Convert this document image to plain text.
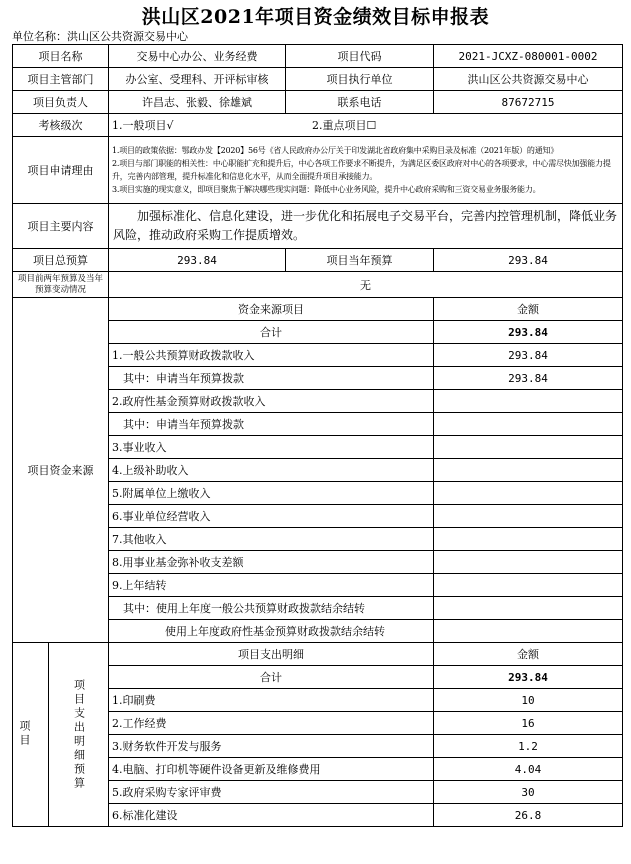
洪山区2021年项目资金绩效目标申报表
单位名称：洪山区公共资源交易中心
项目名称		交易中心办公、业务经费	项目代码	2021-JCXZ-080001-0002
项目主管部门		办公室、受理科、开评标审核	项目执行单位	洪山区公共资源交易中心
项目负责人		许昌志、张毅、徐雄斌	联系电话	87672715
考核级次		1.一般项目√ 2.重点项目☐		
项目申请理由		1.项目的政策依据：鄂政办发【2020】56号《省人民政府办公厅关于印发湖北省政府集中采购目录及标准（2021年版）的通知》

2.项目与部门职能的相关性：中心职能扩充和提升后，中心各项工作要求不断提升，为满足区委区政府对中心的各项要求，中心需尽快加强能力提升，完善内部管理，提升标准化和信息化水平，从而全面提升项目承接能力。

3.项目实施的现实意义，即项目聚焦于解决哪些现实问题：降低中心业务风险，提升中心政府采购和三资交易业务服务能力。		

项目主要内容		加强标准化、信息化建设，进一步优化和拓展电子交易平台，完善内控管理机制，降低业务风险，推动政府采购工作提质增效。		
项目总预算		293.84	项目当年预算	293.84
项目前两年预算及当年预算变动情况		无		
项目资金来源		资金来源项目		金额
		合计		293.84
		1.一般公共预算财政拨款收入		293.84
		其中：申请当年预算拨款		293.84
		2.政府性基金预算财政拨款收入		
		其中：申请当年预算拨款		
		3.事业收入		
		4.上级补助收入		
		5.附属单位上缴收入		
		6.事业单位经营收入		
		7.其他收入		
		8.用事业基金弥补收支差额		
		9.上年结转		
		其中：使用上年度一般公共预算财政拨款结余结转		
		使用上年度政府性基金预算财政拨款结余结转		
项目	项目支出明细预算	项目支出明细		金额
		合计		293.84
		1.印刷费		10
		2.工作经费		16
		3.财务软件开发与服务		1.2
		4.电脑、打印机等硬件设备更新及维修费用		4.04
		5.政府采购专家评审费		30
		6.标准化建设		26.8
